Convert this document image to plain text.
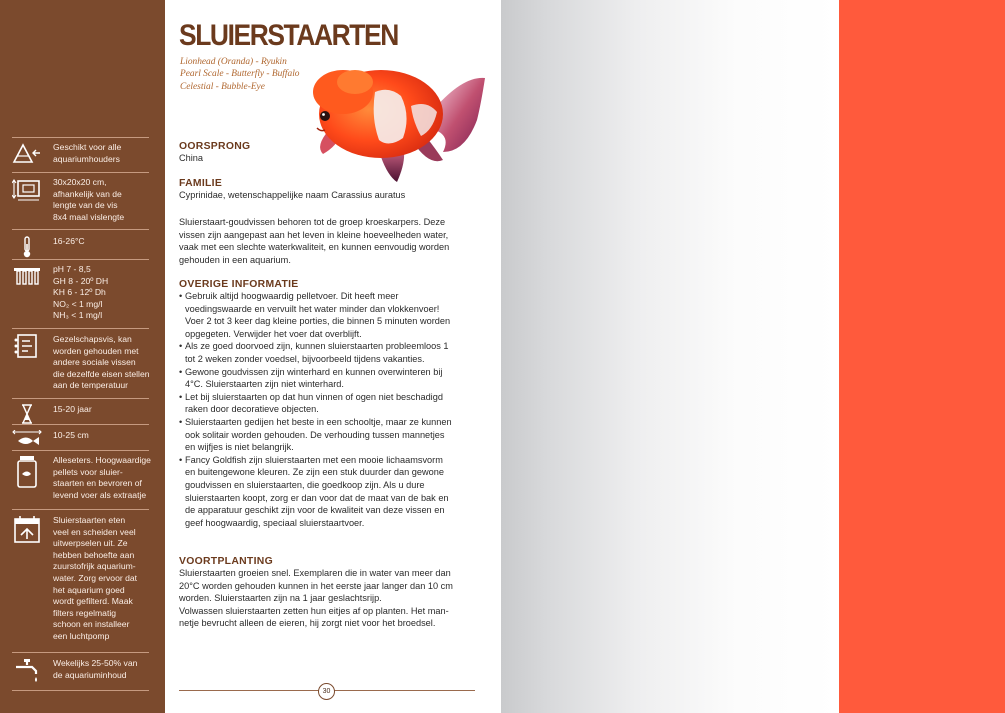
Geschikt voor alle
aquariumhouders
30x20x20 cm,
afhankelijk van de
lengte van de vis
8x4 maal vislengte
16-26°C
pH 7 - 8,5
GH 8 - 20º DH
KH 6 - 12º Dh
NO₂ < 1 mg/l
NH₃ < 1 mg/l
Gezelschapsvis, kan
worden gehouden met
andere sociale vissen
die dezelfde eisen stellen
aan de temperatuur
15-20 jaar
10-25 cm
Alleseters. Hoogwaardige
pellets voor sluier-
staarten en bevroren of
levend voer als extraatje
Sluierstaarten eten
veel en scheiden veel
uitwerpselen uit. Ze
hebben behoefte aan
zuurstofrijk aquarium-
water. Zorg ervoor dat
het aquarium goed
wordt gefilterd. Maak
filters regelmatig
schoon en installeer
een luchtpomp
Wekelijks 25-50% van
de aquariuminhoud
SLUIERSTAARTEN
Lionhead (Oranda) - Ryukin
Pearl Scale - Butterfly - Buffalo
Celestial - Bubble-Eye
OORSPRONG
China
FAMILIE
Cyprinidae, wetenschappelijke naam Carassius auratus
Sluierstaart-goudvissen behoren tot de groep kroeskarpers. Deze
vissen zijn aangepast aan het leven in kleine hoeveelheden water,
vaak met een slechte waterkwaliteit, en kunnen eenvoudig worden
gehouden in een aquarium.
OVERIGE INFORMATIE
• Gebruik altijd hoogwaardig pelletvoer. Dit heeft meer
voedingswaarde en vervuilt het water minder dan vlokkenvoer!
Voer 2 tot 3 keer dag kleine porties, die binnen 5 minuten worden
opgegeten. Verwijder het voer dat overblijft.
• Als ze goed doorvoed zijn, kunnen sluierstaarten probleemloos 1
tot 2 weken zonder voedsel, bijvoorbeeld tijdens vakanties.
• Gewone goudvissen zijn winterhard en kunnen overwinteren bij
4°C. Sluierstaarten zijn niet winterhard.
• Let bij sluierstaarten op dat hun vinnen of ogen niet beschadigd
raken door decoratieve objecten.
• Sluierstaarten gedijen het beste in een schooltje, maar ze kunnen
ook solitair worden gehouden. De verhouding tussen mannetjes
en wijfjes is niet belangrijk.
• Fancy Goldfish zijn sluierstaarten met een mooie lichaamsvorm
en buitengewone kleuren. Ze zijn een stuk duurder dan gewone
goudvissen en sluierstaarten, die goedkoop zijn. Als u dure
sluierstaarten koopt, zorg er dan voor dat de maat van de bak en
de apparatuur geschikt zijn voor de kwaliteit van deze vissen en
geef hoogwaardig, speciaal sluierstaartvoer.
VOORTPLANTING
Sluierstaarten groeien snel. Exemplaren die in water van meer dan
20°C worden gehouden kunnen in het eerste jaar langer dan 10 cm
worden. Sluierstaarten zijn na 1 jaar geslachtsrijp.
Volwassen sluierstaarten zetten hun eitjes af op planten. Het man-
netje bevrucht alleen de eieren, hij zorgt niet voor het broedsel.
30
